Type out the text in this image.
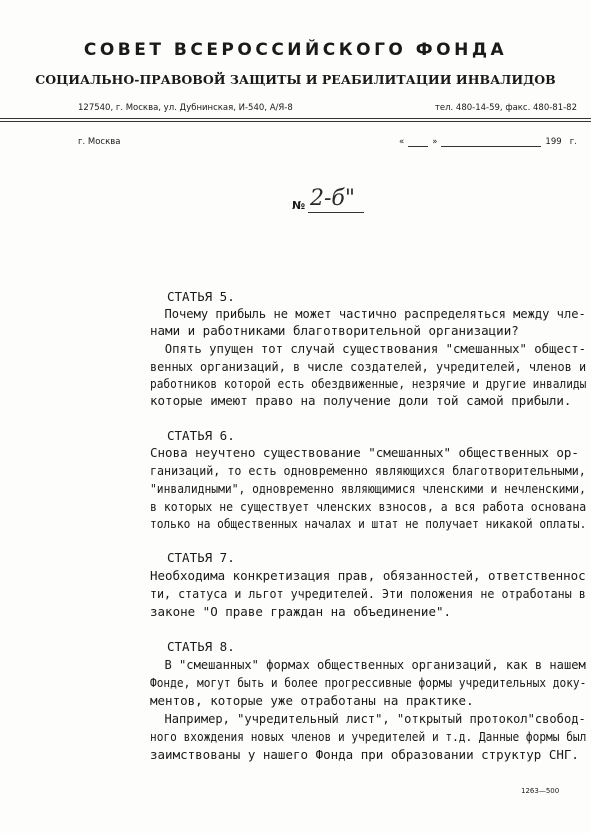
СОВЕТ ВСЕРОССИЙСКОГО ФОНДА
СОЦИАЛЬНО-ПРАВОВОЙ ЗАЩИТЫ И РЕАБИЛИТАЦИИ ИНВАЛИДОВ
127540, г. Москва, ул. Дубнинская, И-540, А/Я-8	тел. 480-14-59, факс. 480-81-82
г. Москва	«	»	199 г.
№ 2-б"
СТАТЬЯ 5.
Почему прибыль не может частично распределяться между чле-
нами и работниками благотворительной организации?
Опять упущен тот случай существования "смешанных" общест-
венных организаций, в числе создателей, учредителей, членов и
работников которой есть обездвиженные, незрячие и другие инвалиды
которые имеют право на получение доли той самой прибыли.
СТАТЬЯ 6.
Снова неучтено существование "смешанных" общественных ор-
ганизаций, то есть одновременно являющихся благотворительными,
"инвалидными", одновременно являющимися членскими и нечленскими,
в которых не существует членских взносов, а вся работа основана
только на общественных началах и штат не получает никакой оплаты.
СТАТЬЯ 7.
Необходима конкретизация прав, обязанностей, ответственнос
ти, статуса и льгот учредителей. Эти положения не отработаны в
законе "О праве граждан на объединение".
СТАТЬЯ 8.
В "смешанных" формах общественных организаций, как в нашем
Фонде, могут быть и более прогрессивные формы учредительных доку-
ментов, которые уже отработаны на практике.
Например, "учредительный лист", "открытый протокол"свобод-
ного вхождения новых членов и учредителей и т.д. Данные формы был
заимствованы у нашего Фонда при образовании структур СНГ.
1263—500
